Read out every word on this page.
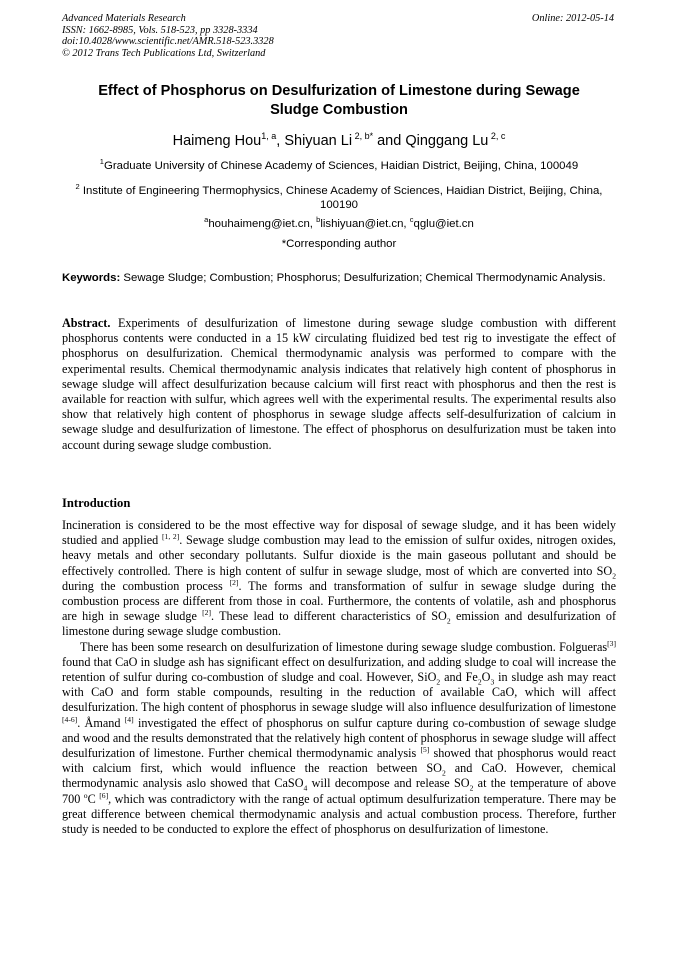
Advanced Materials Research
ISSN: 1662-8985, Vols. 518-523, pp 3328-3334
doi:10.4028/www.scientific.net/AMR.518-523.3328
© 2012 Trans Tech Publications Ltd, Switzerland
Online: 2012-05-14
Effect of Phosphorus on Desulfurization of Limestone during Sewage
Sludge Combustion
Haimeng Hou$^{1, a}$, Shiyuan Li $^{2, b*}$ and Qinggang Lu $^{2, c}$
$^1$Graduate University of Chinese Academy of Sciences, Haidian District, Beijing, China, 100049
$^2$ Institute of Engineering Thermophysics, Chinese Academy of Sciences, Haidian District, Beijing, China, 100190
$^a$houhaimeng@iet.cn, $^b$lishiyuan@iet.cn, $^c$qglu@iet.cn
*Corresponding author
Keywords: Sewage Sludge; Combustion; Phosphorus; Desulfurization; Chemical Thermodynamic Analysis.
Abstract. Experiments of desulfurization of limestone during sewage sludge combustion with different phosphorus contents were conducted in a 15 kW circulating fluidized bed test rig to investigate the effect of phosphorus on desulfurization. Chemical thermodynamic analysis was performed to compare with the experimental results. Chemical thermodynamic analysis indicates that relatively high content of phosphorus in sewage sludge will affect desulfurization because calcium will first react with phosphorus and then the rest is available for reaction with sulfur, which agrees well with the experimental results. The experimental results also show that relatively high content of phosphorus in sewage sludge affects self-desulfurization of calcium in sewage sludge and desulfurization of limestone. The effect of phosphorus on desulfurization must be taken into account during sewage sludge combustion.
Introduction

Incineration is considered to be the most effective way for disposal of sewage sludge, and it has been widely studied and applied [1, 2]. Sewage sludge combustion may lead to the emission of sulfur oxides, nitrogen oxides, heavy metals and other secondary pollutants. Sulfur dioxide is the main gaseous pollutant and should be effectively controlled. There is high content of sulfur in sewage sludge, most of which are converted into $SO_2$ during the combustion process [2]. The forms and transformation of sulfur in sewage sludge during the combustion process are different from those in coal. Furthermore, the contents of volatile, ash and phosphorus are high in sewage sludge [2]. These lead to different characteristics of $SO_2$ emission and desulfurization of limestone during sewage sludge combustion.

There has been some research on desulfurization of limestone during sewage sludge combustion. Folgueras[3] found that CaO in sludge ash has significant effect on desulfurization, and adding sludge to coal will increase the retention of sulfur during co-combustion of sludge and coal. However, SiO$_2$ and $Fe_2O_3$ in sludge ash may react with CaO and form stable compounds, resulting in the reduction of available CaO, which will affect desulfurization. The high content of phosphorus in sewage sludge will also influence desulfurization of limestone [4-6]. Åmand [4] investigated the effect of phosphorus on sulfur capture during co-combustion of sewage sludge and wood and the results demonstrated that the relatively high content of phosphorus in sewage sludge will affect desulfurization of limestone. Further chemical thermodynamic analysis [5] showed that phosphorus would react with calcium first, which would influence the reaction between $SO_2$ and CaO. However, chemical thermodynamic analysis aslo showed that CaSO$_4$ will decompose and release $SO_2$ at the temperature of above 700 $^o$C [6], which was contradictory with the range of actual optimum desulfurization temperature. There may be great difference between chemical thermodynamic analysis and actual combustion process. Therefore, further study is needed to be conducted to explore the effect of phosphorus on desulfurization of limestone.
